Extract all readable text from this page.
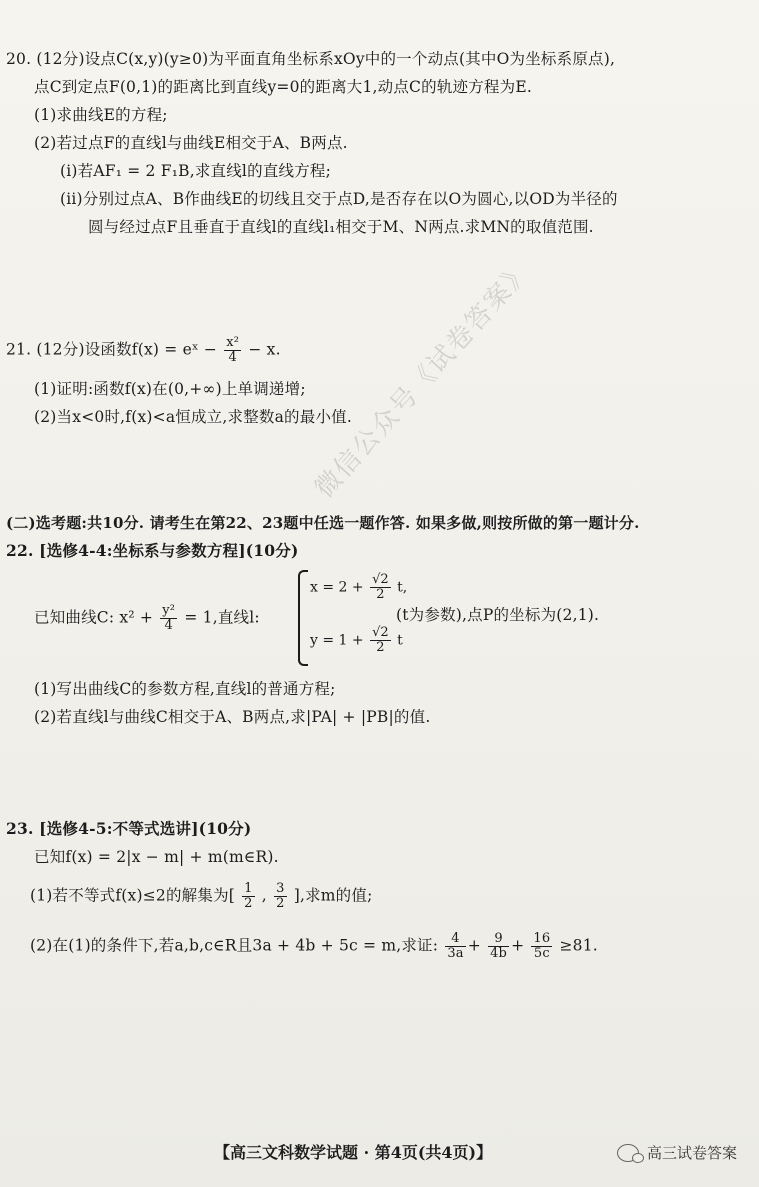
20. (12分)设点C(x,y)(y≥0)为平面直角坐标系xOy中的一个动点(其中O为坐标系原点),
点C到定点F(0,1)的距离比到直线y=0的距离大1,动点C的轨迹方程为E.
(1)求曲线E的方程;
(2)若过点F的直线l与曲线E相交于A、B两点.
(i)若AF₁ = 2 F₁B,求直线l的直线方程;
(ii)分别过点A、B作曲线E的切线且交于点D,是否存在以O为圆心,以OD为半径的
圆与经过点F且垂直于直线l的直线l₁相交于M、N两点.求MN的取值范围.
21. (12分)设函数f(x) = eˣ − $\frac{\text{x²}}{4} - x$.
(1)证明:函数f(x)在(0,+∞)上单调递增;
(2)当x<0时,f(x)<a恒成立,求整数a的最小值.
(二)选考题:共10分. 请考生在第22、23题中任选一题作答. 如果多做,则按所做的第一题计分.
22. [选修4-4:坐标系与参数方程](10分)
已知曲线C: $x^2 + \frac{\text{y²}}{4} = 1$,直线l:
$x = 2 + \frac{√2}{2} t$,
$y = 1 + \frac{√2}{2}$ t
(t为参数),点P的坐标为(2,1).
(1)写出曲线C的参数方程,直线l的普通方程;
(2)若直线l与曲线C相交于A、B两点,求|PA| + |PB|的值.
23. [选修4-5:不等式选讲](10分)
已知f(x) = 2|x − m| + m(m∈R).
(1)若不等式f(x)≤2的解集为[ $\frac{1}{2}$ , $\frac{3}{2}$ ],求m的值;
(2)在(1)的条件下,若a,b,c∈R且3a + 4b + 5c = m,求证: $\frac{4}{3a} + \frac{9}{4b} + \frac{16}{5c} \ge 81$.
微信公众号《试卷答案》
【高三文科数学试题 · 第4页(共4页)】	高三试卷答案
